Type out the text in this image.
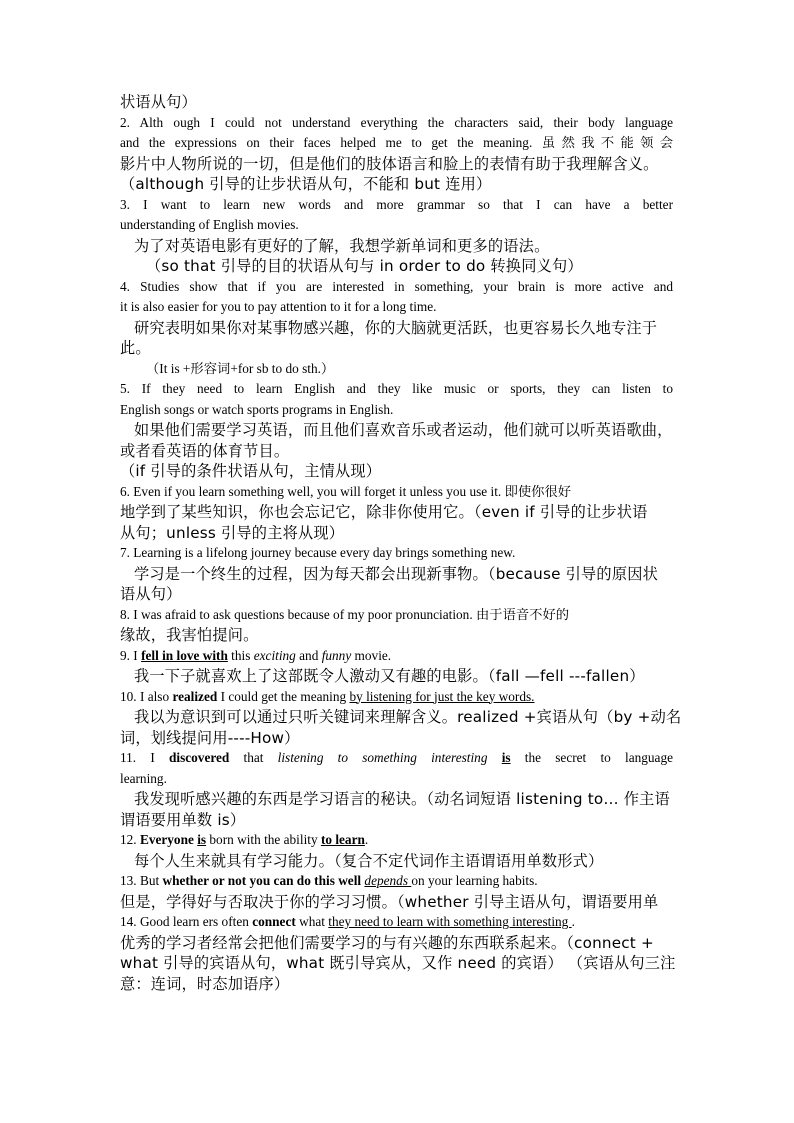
状语从句）
2. Alth ough I could not understand everything the characters said, their body language
and the expressions on their faces helped me to get the meaning. 虽然我不能领会
影片中人物所说的一切，但是他们的肢体语言和脸上的表情有助于我理解含义。
（although 引导的让步状语从句，不能和 but 连用）
3. I want to learn new words and more grammar so that I can have a better
understanding of English movies.
为了对英语电影有更好的了解，我想学新单词和更多的语法。
（so that 引导的目的状语从句与 in order to do 转换同义句）
4. Studies show that if you are interested in something, your brain is more active and
it is also easier for you to pay attention to it for a long time.
研究表明如果你对某事物感兴趣，你的大脑就更活跃，也更容易长久地专注于
此。
（It is +形容词+for sb to do sth.）
5. If they need to learn English and they like music or sports, they can listen to
English songs or watch sports programs in English.
如果他们需要学习英语，而且他们喜欢音乐或者运动，他们就可以听英语歌曲，
或者看英语的体育节目。
（if 引导的条件状语从句，主情从现）
6. Even if you learn something well, you will forget it unless you use it. 即使你很好
地学到了某些知识，你也会忘记它，除非你使用它。（even if 引导的让步状语
从句；unless 引导的主将从现）
7. Learning is a lifelong journey because every day brings something new.
学习是一个终生的过程，因为每天都会出现新事物。（because 引导的原因状
语从句）
8. I was afraid to ask questions because of my poor pronunciation. 由于语音不好的
缘故，我害怕提问。
9. I fell in love with this exciting and funny movie.
我一下子就喜欢上了这部既令人激动又有趣的电影。（fall —fell ---fallen）
10. I also realized I could get the meaning by listening for just the key words.
我以为意识到可以通过只听关键词来理解含义。realized +宾语从句（by +动名
词，划线提问用----How）
11. I discovered that listening to something interesting is the secret to language
learning.
我发现听感兴趣的东西是学习语言的秘诀。（动名词短语 listening to… 作主语
谓语要用单数 is）
12. Everyone is born with the ability to learn.
每个人生来就具有学习能力。（复合不定代词作主语谓语用单数形式）
13. But whether or not you can do this well depends on your learning habits.
但是，学得好与否取决于你的学习习惯。（whether 引导主语从句，谓语要用单
14. Good learn ers often connect what they need to learn with something interesting .
优秀的学习者经常会把他们需要学习的与有兴趣的东西联系起来。（connect +
what 引导的宾语从句，what 既引导宾从，又作 need 的宾语） （宾语从句三注
意：连词，时态加语序）
